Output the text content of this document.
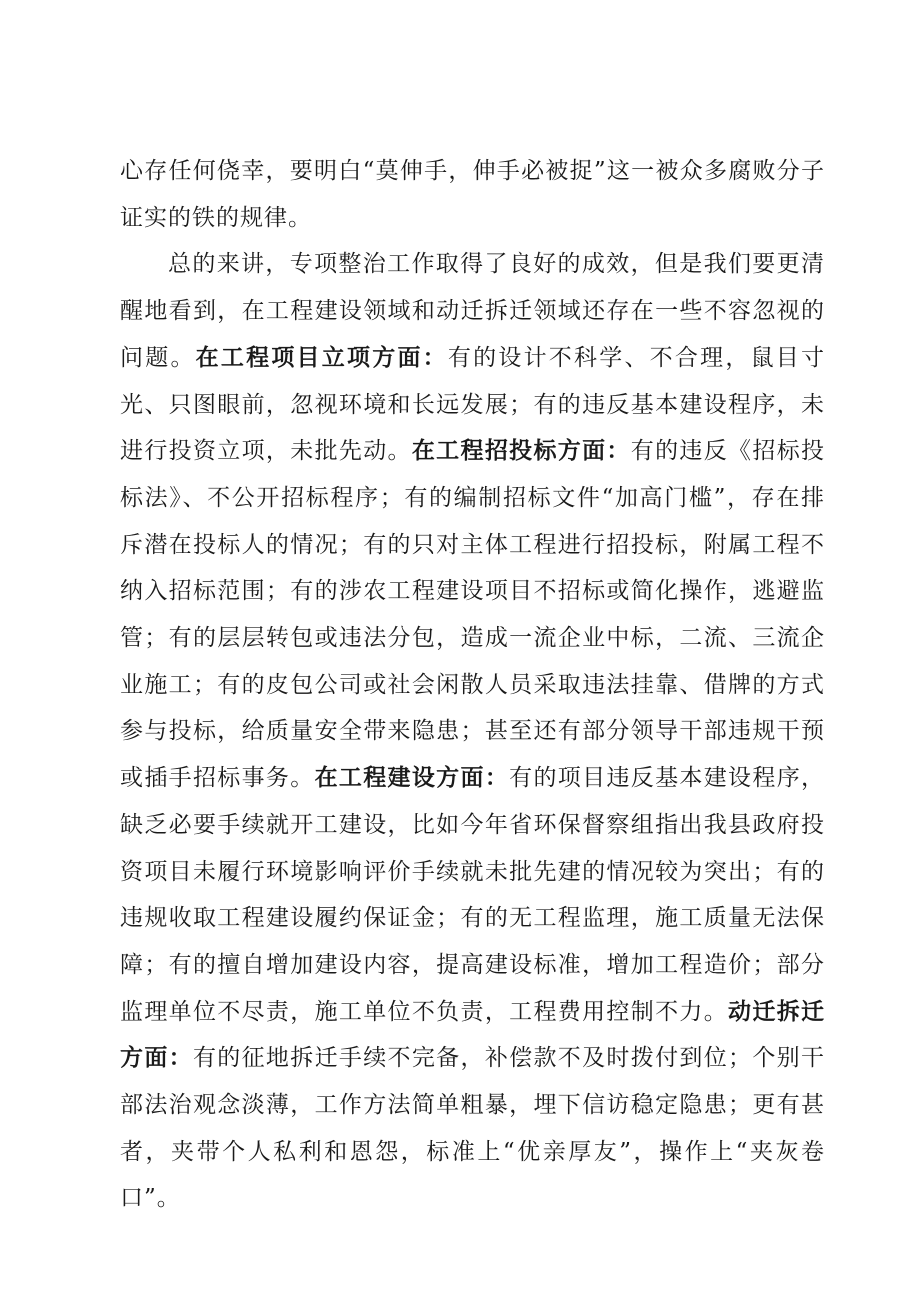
心存任何侥幸，要明白“莫伸手，伸手必被捉”这一被众多腐败分子证实的铁的规律。

总的来讲，专项整治工作取得了良好的成效，但是我们要更清醒地看到，在工程建设领域和动迁拆迁领域还存在一些不容忽视的问题。在工程项目立项方面：有的设计不科学、不合理，鼠目寸光、只图眼前，忽视环境和长远发展；有的违反基本建设程序，未进行投资立项，未批先动。在工程招投标方面：有的违反《招标投标法》、不公开招标程序；有的编制招标文件“加高门槛”，存在排斥潜在投标人的情况；有的只对主体工程进行招投标，附属工程不纳入招标范围；有的涉农工程建设项目不招标或简化操作，逃避监管；有的层层转包或违法分包，造成一流企业中标，二流、三流企业施工；有的皮包公司或社会闲散人员采取违法挂靠、借牌的方式参与投标，给质量安全带来隐患；甚至还有部分领导干部违规干预或插手招标事务。在工程建设方面：有的项目违反基本建设程序，缺乏必要手续就开工建设，比如今年省环保督察组指出我县政府投资项目未履行环境影响评价手续就未批先建的情况较为突出；有的违规收取工程建设履约保证金；有的无工程监理，施工质量无法保障；有的擅自增加建设内容，提高建设标准，增加工程造价；部分监理单位不尽责，施工单位不负责，工程费用控制不力。动迁拆迁方面：有的征地拆迁手续不完备，补偿款不及时拨付到位；个别干部法治观念淡薄，工作方法简单粗暴，埋下信访稳定隐患；更有甚者，夹带个人私利和恩怨，标准上“优亲厚友”，操作上“夹灰卷口”。
